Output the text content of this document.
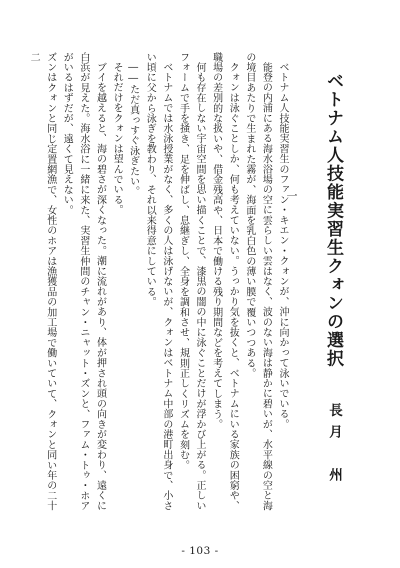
ベトナム人技能実習生クォンの選択
長月　州
一

ベトナム人技能実習生のファン・キエン・クォンが、沖に向かって泳いでいる。

能登の内浦にある海水浴場の空に雲らしい雲はなく、波のない海は静かに碧いが、水平線の空と海の境目あたりで生まれた霧が、海面を乳白色の薄い膜で覆いつつある。

クォンは泳ぐことしか、何も考えていない。うっかり気を抜くと、ベトナムにいる家族の困窮や、職場の差別的な扱いや、借金残高や、日本で働ける残り期間などを考えてしまう。

何も存在しない宇宙空間を思い描くことで、漆黒の闇の中に泳ぐことだけが浮かび上がる。正しいフォームで手を掻き、足を伸ばし、息継ぎし、全身を調和させ、規則正しくリズムを刻む。

ベトナムでは水泳授業がなく、多くの人は泳げないが、クォンはベトナム中部の港町出身で、小さい頃に父から泳ぎを教わり、それ以来得意にしている。

――ただ真っすぐ泳ぎたい。

それだけをクォンは望んでいる。

ブイを越えると、海の碧さが深くなった。潮に流れがあり、体が押され頭の向きが変わり、遠くに白浜が見えた。海水浴に一緒に来た、実習生仲間のチャン・ニャット・ズンと、ファム・トゥ・ホアがいるはずだが、遠くて見えない。

ズンはクォンと同じ定置網漁で、女性のホアは漁獲品の加工場で働いていて、クォンと同い年の二十二

- 103 -
